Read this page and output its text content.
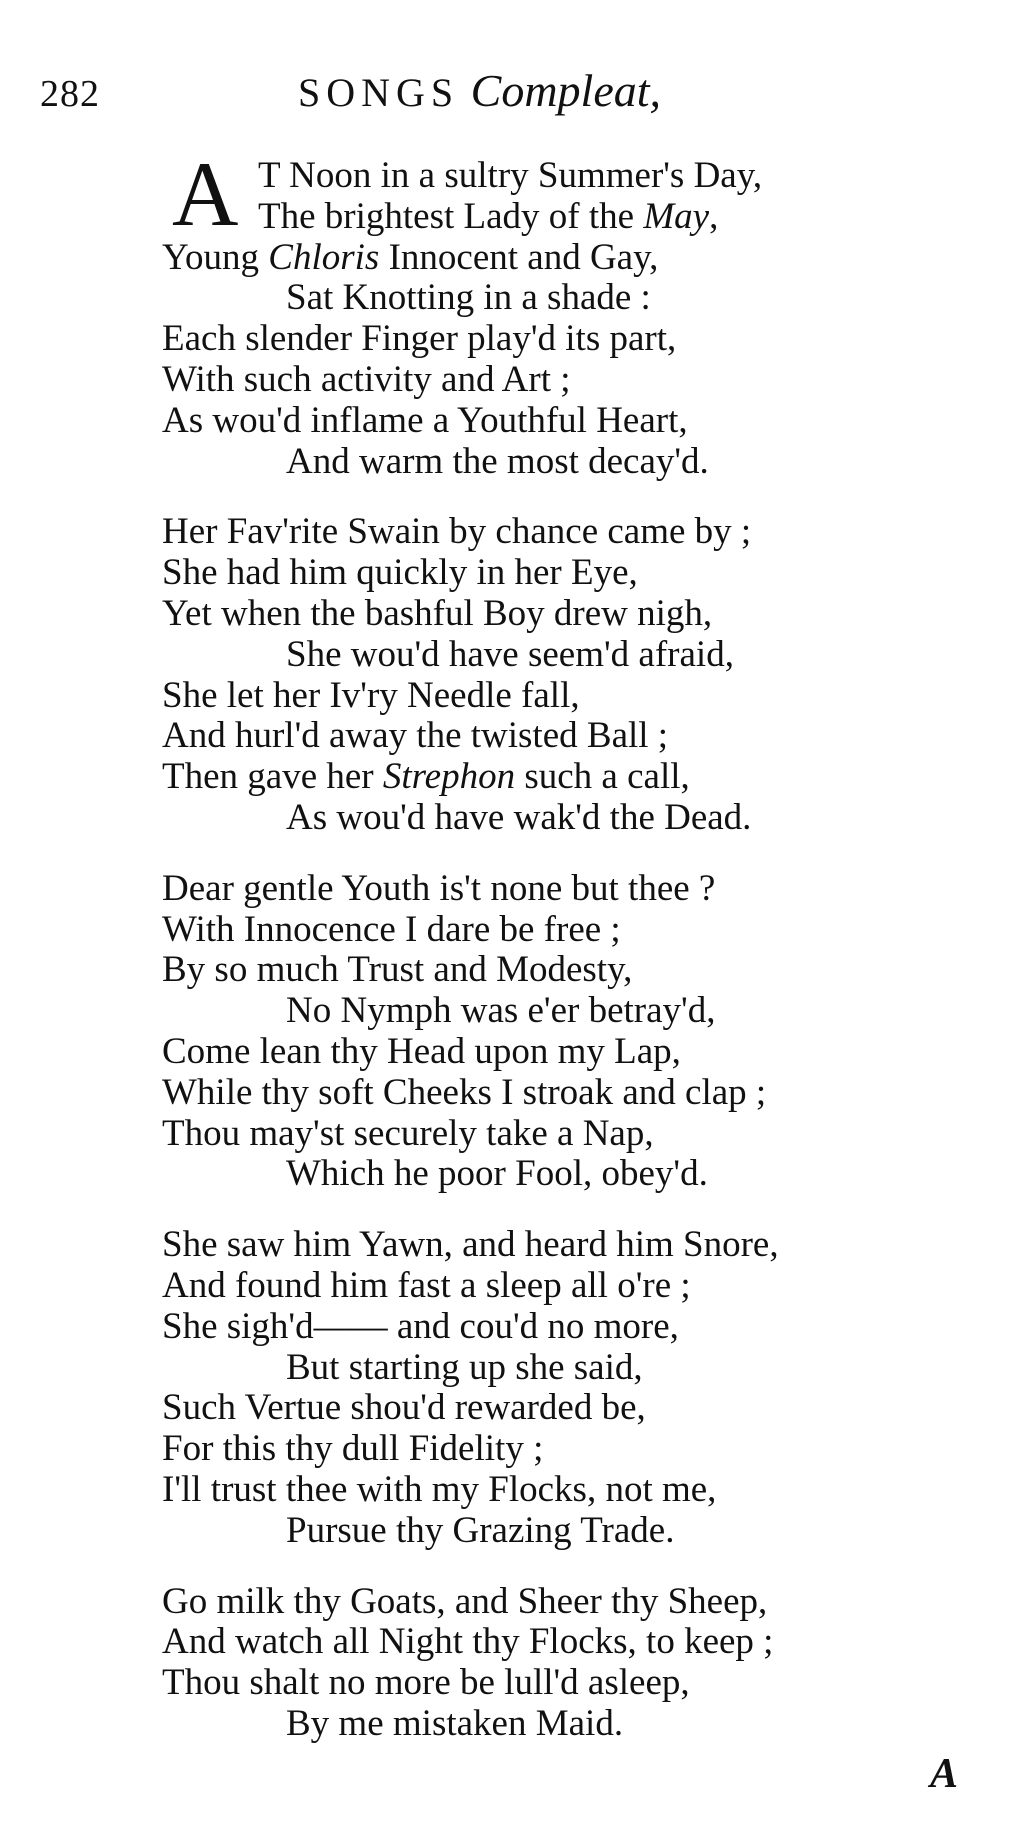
282	SONGS Compleat,
A T Noon in a sultry Summer's Day,
The brightest Lady of the May,
Young Chloris Innocent and Gay,
Sat Knotting in a shade :
Each slender Finger play'd its part,
With such activity and Art ;
As wou'd inflame a Youthful Heart,
And warm the most decay'd.
Her Fav'rite Swain by chance came by ;
She had him quickly in her Eye,
Yet when the bashful Boy drew nigh,
She wou'd have seem'd afraid,
She let her Iv'ry Needle fall,
And hurl'd away the twisted Ball ;
Then gave her Strephon such a call,
As wou'd have wak'd the Dead.
Dear gentle Youth is't none but thee ?
With Innocence I dare be free ;
By so much Trust and Modesty,
No Nymph was e'er betray'd,
Come lean thy Head upon my Lap,
While thy soft Cheeks I stroak and clap ;
Thou may'st securely take a Nap,
Which he poor Fool, obey'd.
She saw him Yawn, and heard him Snore,
And found him fast a sleep all o're ;
She sigh'd—— and cou'd no more,
But starting up she said,
Such Vertue shou'd rewarded be,
For this thy dull Fidelity ;
I'll trust thee with my Flocks, not me,
Pursue thy Grazing Trade.
Go milk thy Goats, and Sheer thy Sheep,
And watch all Night thy Flocks, to keep ;
Thou shalt no more be lull'd asleep,
By me mistaken Maid.
A
